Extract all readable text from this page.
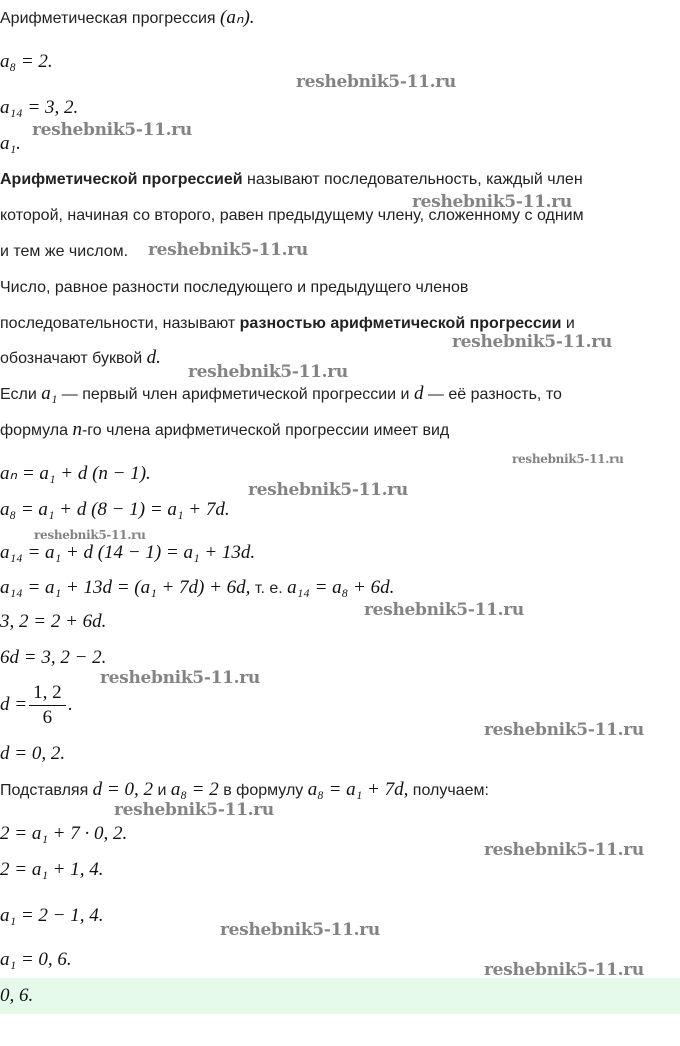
Арифметическая прогрессия (aₙ).
a₈ = 2.
a₁₄ = 3, 2.
a₁.
Арифметической прогрессией называют последовательность, каждый член
которой, начиная со второго, равен предыдущему члену, сложенному с одним
и тем же числом.
Число, равное разности последующего и предыдущего членов
последовательности, называют разностью арифметической прогрессии и
обозначают буквой d.
Если a₁ — первый член арифметической прогрессии и d — её разность, то
формула n-го члена арифметической прогрессии имеет вид
aₙ = a₁ + d (n − 1).
a₈ = a₁ + d (8 − 1) = a₁ + 7d.
a₁₄ = a₁ + d (14 − 1) = a₁ + 13d.
a₁₄ = a₁ + 13d = (a₁ + 7d) + 6d, т. е. a₁₄ = a₈ + 6d.
3, 2 = 2 + 6d.
6d = 3, 2 − 2.
$d = \frac{1, 2}{6}$ .
d = 0, 2.
Подставляя d = 0, 2 и a₈ = 2 в формулу a₈ = a₁ + 7d, получаем:
2 = a₁ + 7 · 0, 2.
2 = a₁ + 1, 4.
a₁ = 2 − 1, 4.
a₁ = 0, 6.
0, 6.
reshebnik5-11.ru
reshebnik5-11.ru
reshebnik5-11.ru
reshebnik5-11.ru
reshebnik5-11.ru
reshebnik5-11.ru
reshebnik5-11.ru
reshebnik5-11.ru
reshebnik5-11.ru
reshebnik5-11.ru
reshebnik5-11.ru
reshebnik5-11.ru
reshebnik5-11.ru
reshebnik5-11.ru
reshebnik5-11.ru
reshebnik5-11.ru
